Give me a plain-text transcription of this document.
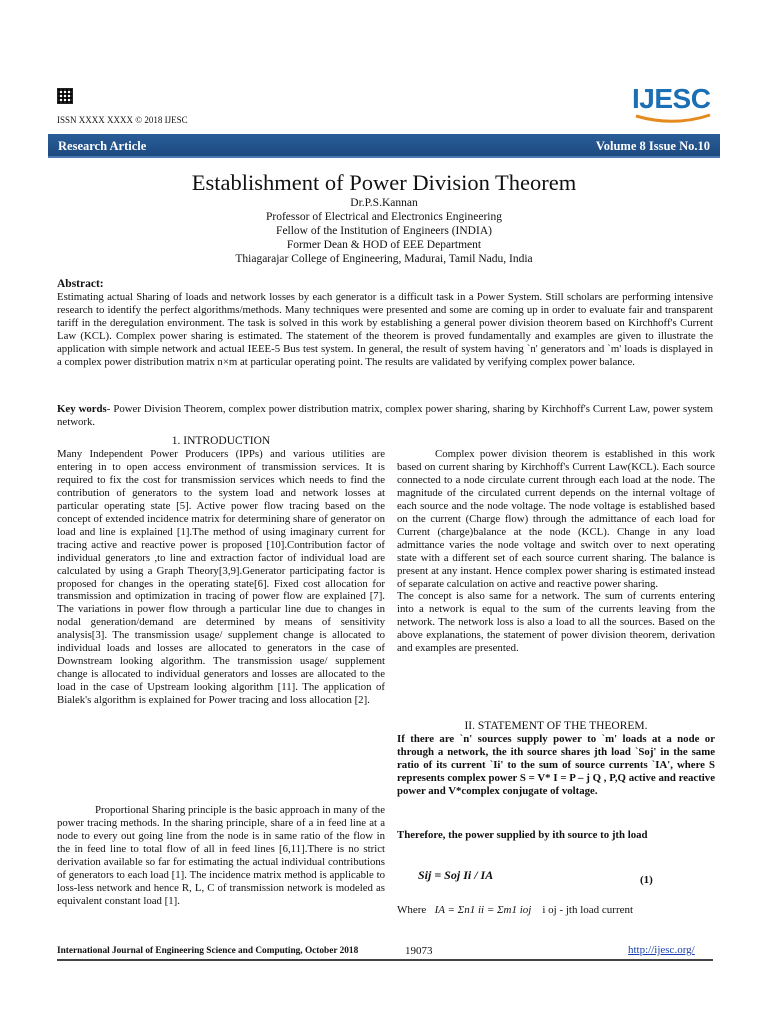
ISSN XXXX XXXX © 2018 IJESC
IJESC
Research Article	Volume 8 Issue No.10
Establishment of Power Division Theorem
Dr.P.S.Kannan
Professor of Electrical and Electronics Engineering
Fellow of the Institution of Engineers (INDIA)
Former Dean & HOD of EEE Department
Thiagarajar College of Engineering, Madurai, Tamil Nadu, India
Abstract:
Estimating actual Sharing of loads and network losses by each generator is a difficult task in a Power System. Still scholars are performing intensive research to identify the perfect algorithms/methods. Many techniques were presented and some are coming up in order to evaluate fair and transparent tariff in the deregulation environment. The task is solved in this work by establishing a general power division theorem based on Kirchhoff's Current Law (KCL). Complex power sharing is estimated. The statement of the theorem is proved fundamentally and examples are given to illustrate the application with simple network and actual IEEE-5 Bus test system. In general, the result of system having `n' generators and `m' loads is displayed in a complex power distribution matrix n×m at particular operating point. The results are validated by verifying complex power balance.
Key words- Power Division Theorem, complex power distribution matrix, complex power sharing, sharing by Kirchhoff's Current Law, power system network.
1. INTRODUCTION

Many Independent Power Producers (IPPs) and various utilities are entering in to open access environment of transmission services. It is required to fix the cost for transmission services which needs to find the contribution of generators to the system load and network losses at particular operating state [5]. Active power flow tracing based on the concept of extended incidence matrix for determining share of generator on load and line is explained [1].The method of using imaginary current for tracing active and reactive power is proposed [10].Contribution factor of individual generators ,to line and extraction factor of individual load are calculated by using a Graph Theory[3,9].Generator participating factor is proposed for changes in the operating state[6]. Fixed cost allocation for transmission and optimization in tracing of power flow are explained [7]. The variations in power flow through a particular line due to changes in nodal generation/demand are determined by means of sensitivity analysis[3]. The transmission usage/ supplement change is allocated to individual loads and losses are allocated to generators in the case of Downstream looking algorithm. The transmission usage/ supplement change is allocated to individual generators and losses are allocated to the load in the case of Upstream looking algorithm [11]. The application of Bialek's algorithm is explained for Power tracing and loss allocation [2].

Proportional Sharing principle is the basic approach in many of the power tracing methods. In the sharing principle, share of a in feed line at a node to every out going line from the node is in same ratio of the flow in the in feed line to total flow of all in feed lines [6,11].There is no strict derivation available so far for estimating the actual individual contributions of generators to each load [1]. The incidence matrix method is applicable to loss-less network and hence R, L, C of transmission network is modeled as equivalent constant load [1].

Complex power division theorem is established in this work based on current sharing by Kirchhoff's Current Law(KCL). Each source connected to a node circulate current through each load at the node. The magnitude of the circulated current depends on the internal voltage of each source and the node voltage. The node voltage is established based on the current (Charge flow) through the admittance of each load for Current (charge)balance at the node (KCL). Change in any load admittance varies the node voltage and switch over to next operating state with a different set of each source current sharing. The balance is present at any instant. Hence complex power sharing is estimated instead of separate calculation on active and reactive power sharing.

The concept is also same for a network. The sum of currents entering into a network is equal to the sum of the currents leaving from the network. The network loss is also a load to all the sources. Based on the above explanations, the statement of power division theorem, derivation and examples are presented.

II. STATEMENT OF THE THEOREM.
If there are `n' sources supply power to `m' loads at a node or through a network, the ith source shares jth load `Soj' in the same ratio of its current `Ii' to the sum of source currents `IA', where S represents complex power S = V* I = P – j Q , P,Q active and reactive power and V*complex conjugate of voltage.
Therefore, the power supplied by ith source to jth load
Sij = Soj Ii / IA	(1)
Where IA = Σn1 ii = Σm1 ioj i oj - jth load current
International Journal of Engineering Science and Computing, October 2018	19073	http://ijesc.org/
